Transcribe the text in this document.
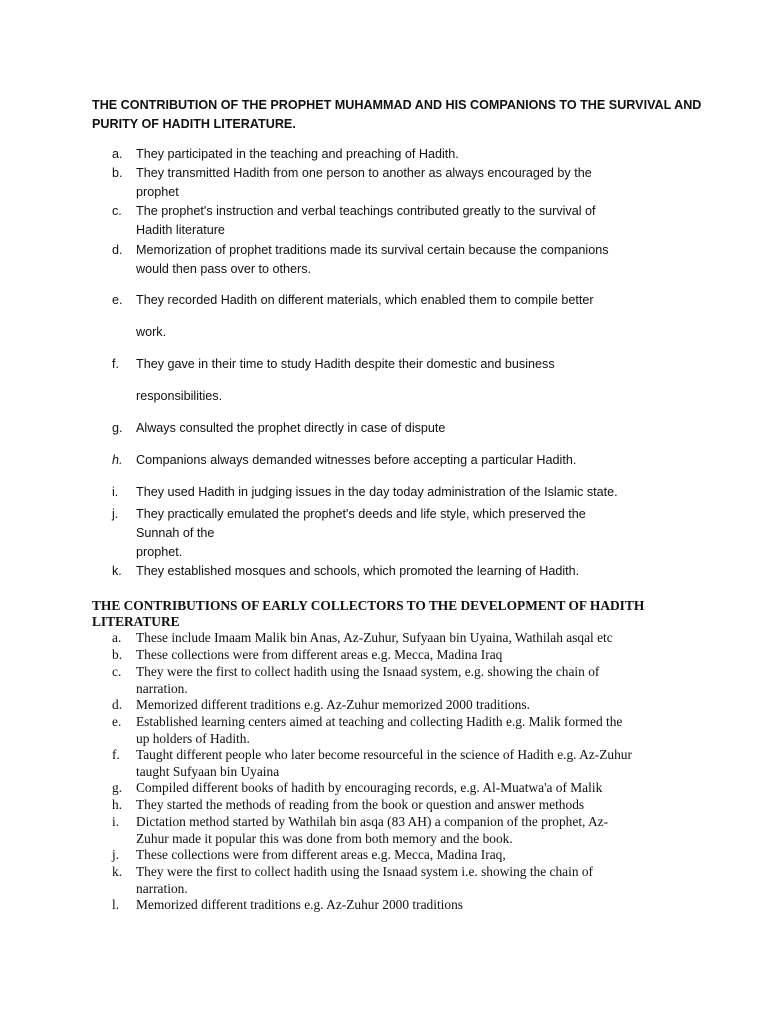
THE CONTRIBUTION OF THE PROPHET MUHAMMAD AND HIS COMPANIONS TO THE SURVIVAL AND
PURITY OF HADITH LITERATURE.
a.	They participated in the teaching and preaching of Hadith.
b.	They transmitted Hadith from one person to another as always encouraged by the
prophet
c.	The prophet's instruction and verbal teachings contributed greatly to the survival of
Hadith literature
d.	Memorization of prophet traditions made its survival certain because the companions
would then pass over to others.
e.	They recorded Hadith on different materials, which enabled them to compile better
work.
f.	They gave in their time to study Hadith despite their domestic and business
responsibilities.
g.	Always consulted the prophet directly in case of dispute
h.	Companions always demanded witnesses before accepting a particular Hadith.
i.	They used Hadith in judging issues in the day today administration of the Islamic state.
j.	They practically emulated the prophet's deeds and life style, which preserved the
Sunnah of the
prophet.
k.	They established mosques and schools, which promoted the learning of Hadith.
THE CONTRIBUTIONS OF EARLY COLLECTORS TO THE DEVELOPMENT OF HADITH
LITERATURE
a.	These include Imaam Malik bin Anas, Az-Zuhur, Sufyaan bin Uyaina, Wathilah asqal etc
b.	These collections were from different areas e.g. Mecca, Madina Iraq
c.	They were the first to collect hadith using the Isnaad system, e.g. showing the chain of
narration.
d.	Memorized different traditions e.g. Az-Zuhur memorized 2000 traditions.
e.	Established learning centers aimed at teaching and collecting Hadith e.g. Malik formed the
up holders of Hadith.
f.	Taught different people who later become resourceful in the science of Hadith e.g. Az-Zuhur
taught Sufyaan bin Uyaina
g.	Compiled different books of hadith by encouraging records, e.g. Al-Muatwa'a of Malik
h.	They started the methods of reading from the book or question and answer methods
i.	Dictation method started by Wathilah bin asqa (83 AH) a companion of the prophet, Az-
Zuhur made it popular this was done from both memory and the book.
j.	These collections were from different areas e.g. Mecca, Madina Iraq,
k.	They were the first to collect hadith using the Isnaad system i.e. showing the chain of
narration.
l.	Memorized different traditions e.g. Az-Zuhur 2000 traditions
